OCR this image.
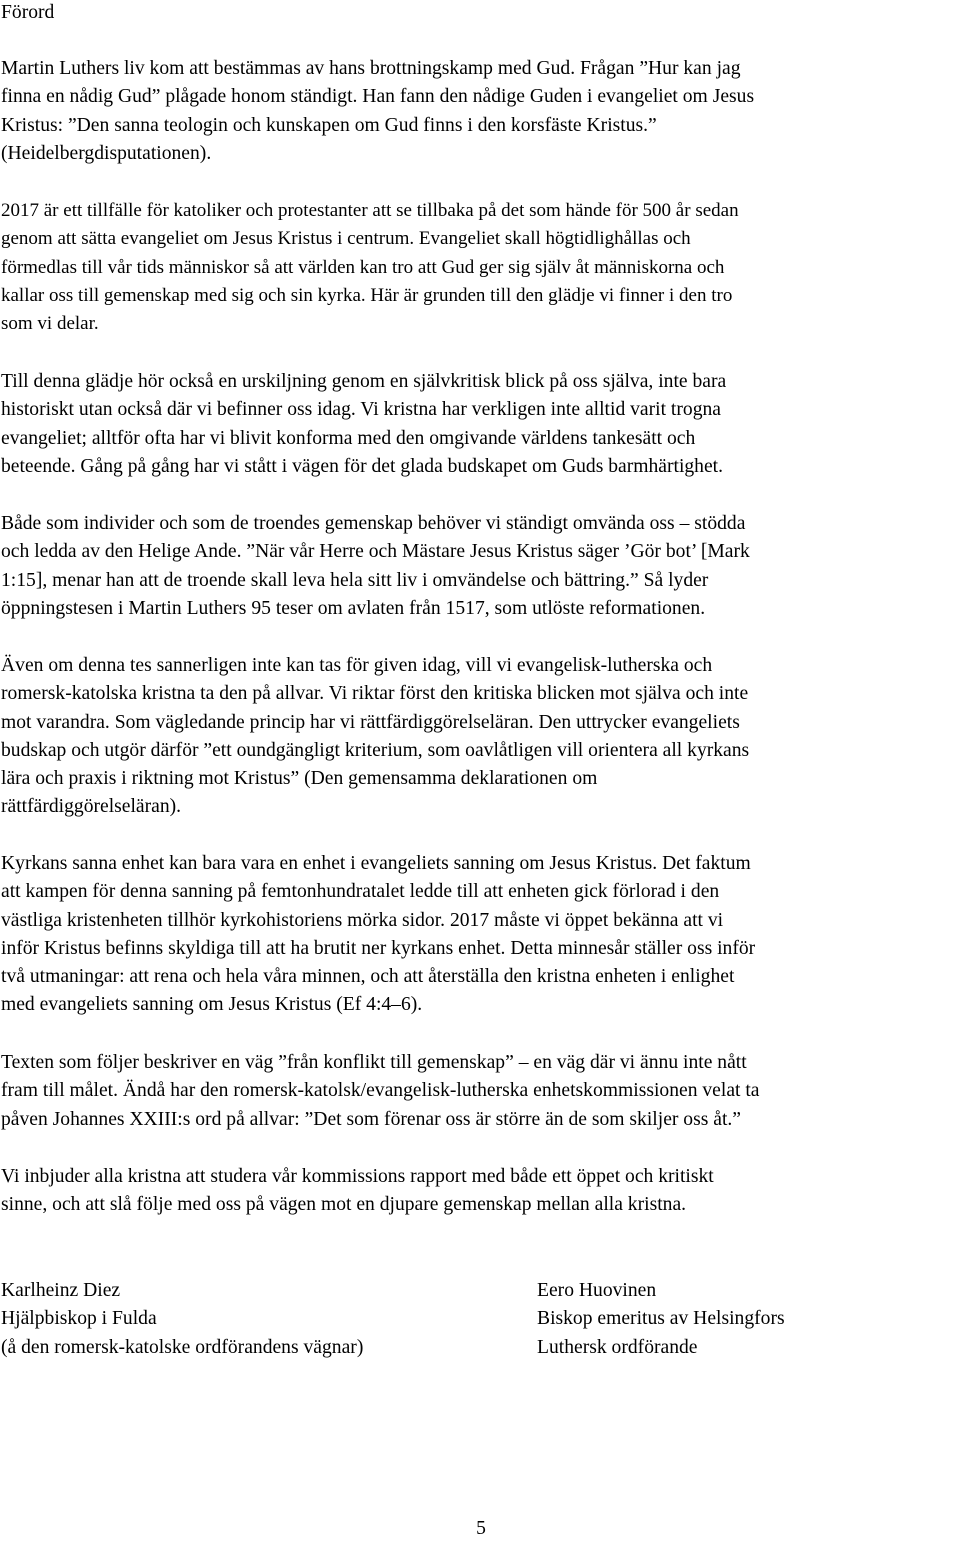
Förord

Martin Luthers liv kom att bestämmas av hans brottningskamp med Gud. Frågan ”Hur kan jag
finna en nådig Gud” plågade honom ständigt. Han fann den nådige Guden i evangeliet om Jesus
Kristus: ”Den sanna teologin och kunskapen om Gud finns i den korsfäste Kristus.”
(Heidelbergdisputationen).

2017 är ett tillfälle för katoliker och protestanter att se tillbaka på det som hände för 500 år sedan
genom att sätta evangeliet om Jesus Kristus i centrum. Evangeliet skall högtidlighållas och
förmedlas till vår tids människor så att världen kan tro att Gud ger sig själv åt människorna och
kallar oss till gemenskap med sig och sin kyrka. Här är grunden till den glädje vi finner i den tro
som vi delar.

Till denna glädje hör också en urskiljning genom en självkritisk blick på oss själva, inte bara
historiskt utan också där vi befinner oss idag. Vi kristna har verkligen inte alltid varit trogna
evangeliet; alltför ofta har vi blivit konforma med den omgivande världens tankesätt och
beteende. Gång på gång har vi stått i vägen för det glada budskapet om Guds barmhärtighet.

Både som individer och som de troendes gemenskap behöver vi ständigt omvända oss – stödda
och ledda av den Helige Ande. ”När vår Herre och Mästare Jesus Kristus säger ’Gör bot’ [Mark
1:15], menar han att de troende skall leva hela sitt liv i omvändelse och bättring.” Så lyder
öppningstesen i Martin Luthers 95 teser om avlaten från 1517, som utlöste reformationen.

Även om denna tes sannerligen inte kan tas för given idag, vill vi evangelisk-lutherska och
romersk-katolska kristna ta den på allvar. Vi riktar först den kritiska blicken mot själva och inte
mot varandra. Som vägledande princip har vi rättfärdiggörelseläran. Den uttrycker evangeliets
budskap och utgör därför ”ett oundgängligt kriterium, som oavlåtligen vill orientera all kyrkans
lära och praxis i riktning mot Kristus” (Den gemensamma deklarationen om
rättfärdiggörelseläran).

Kyrkans sanna enhet kan bara vara en enhet i evangeliets sanning om Jesus Kristus. Det faktum
att kampen för denna sanning på femtonhundratalet ledde till att enheten gick förlorad i den
västliga kristenheten tillhör kyrkohistoriens mörka sidor. 2017 måste vi öppet bekänna att vi
inför Kristus befinns skyldiga till att ha brutit ner kyrkans enhet. Detta minnesår ställer oss inför
två utmaningar: att rena och hela våra minnen, och att återställa den kristna enheten i enlighet
med evangeliets sanning om Jesus Kristus (Ef 4:4–6).

Texten som följer beskriver en väg ”från konflikt till gemenskap” – en väg där vi ännu inte nått
fram till målet. Ändå har den romersk-katolsk/evangelisk-lutherska enhetskommissionen velat ta
påven Johannes XXIII:s ord på allvar: ”Det som förenar oss är större än de som skiljer oss åt.”

Vi inbjuder alla kristna att studera vår kommissions rapport med både ett öppet och kritiskt
sinne, och att slå följe med oss på vägen mot en djupare gemenskap mellan alla kristna.

Karlheinz Diez
Hjälpbiskop i Fulda
(å den romersk-katolske ordförandens vägnar)
Eero Huovinen
Biskop emeritus av Helsingfors
Luthersk ordförande
5
